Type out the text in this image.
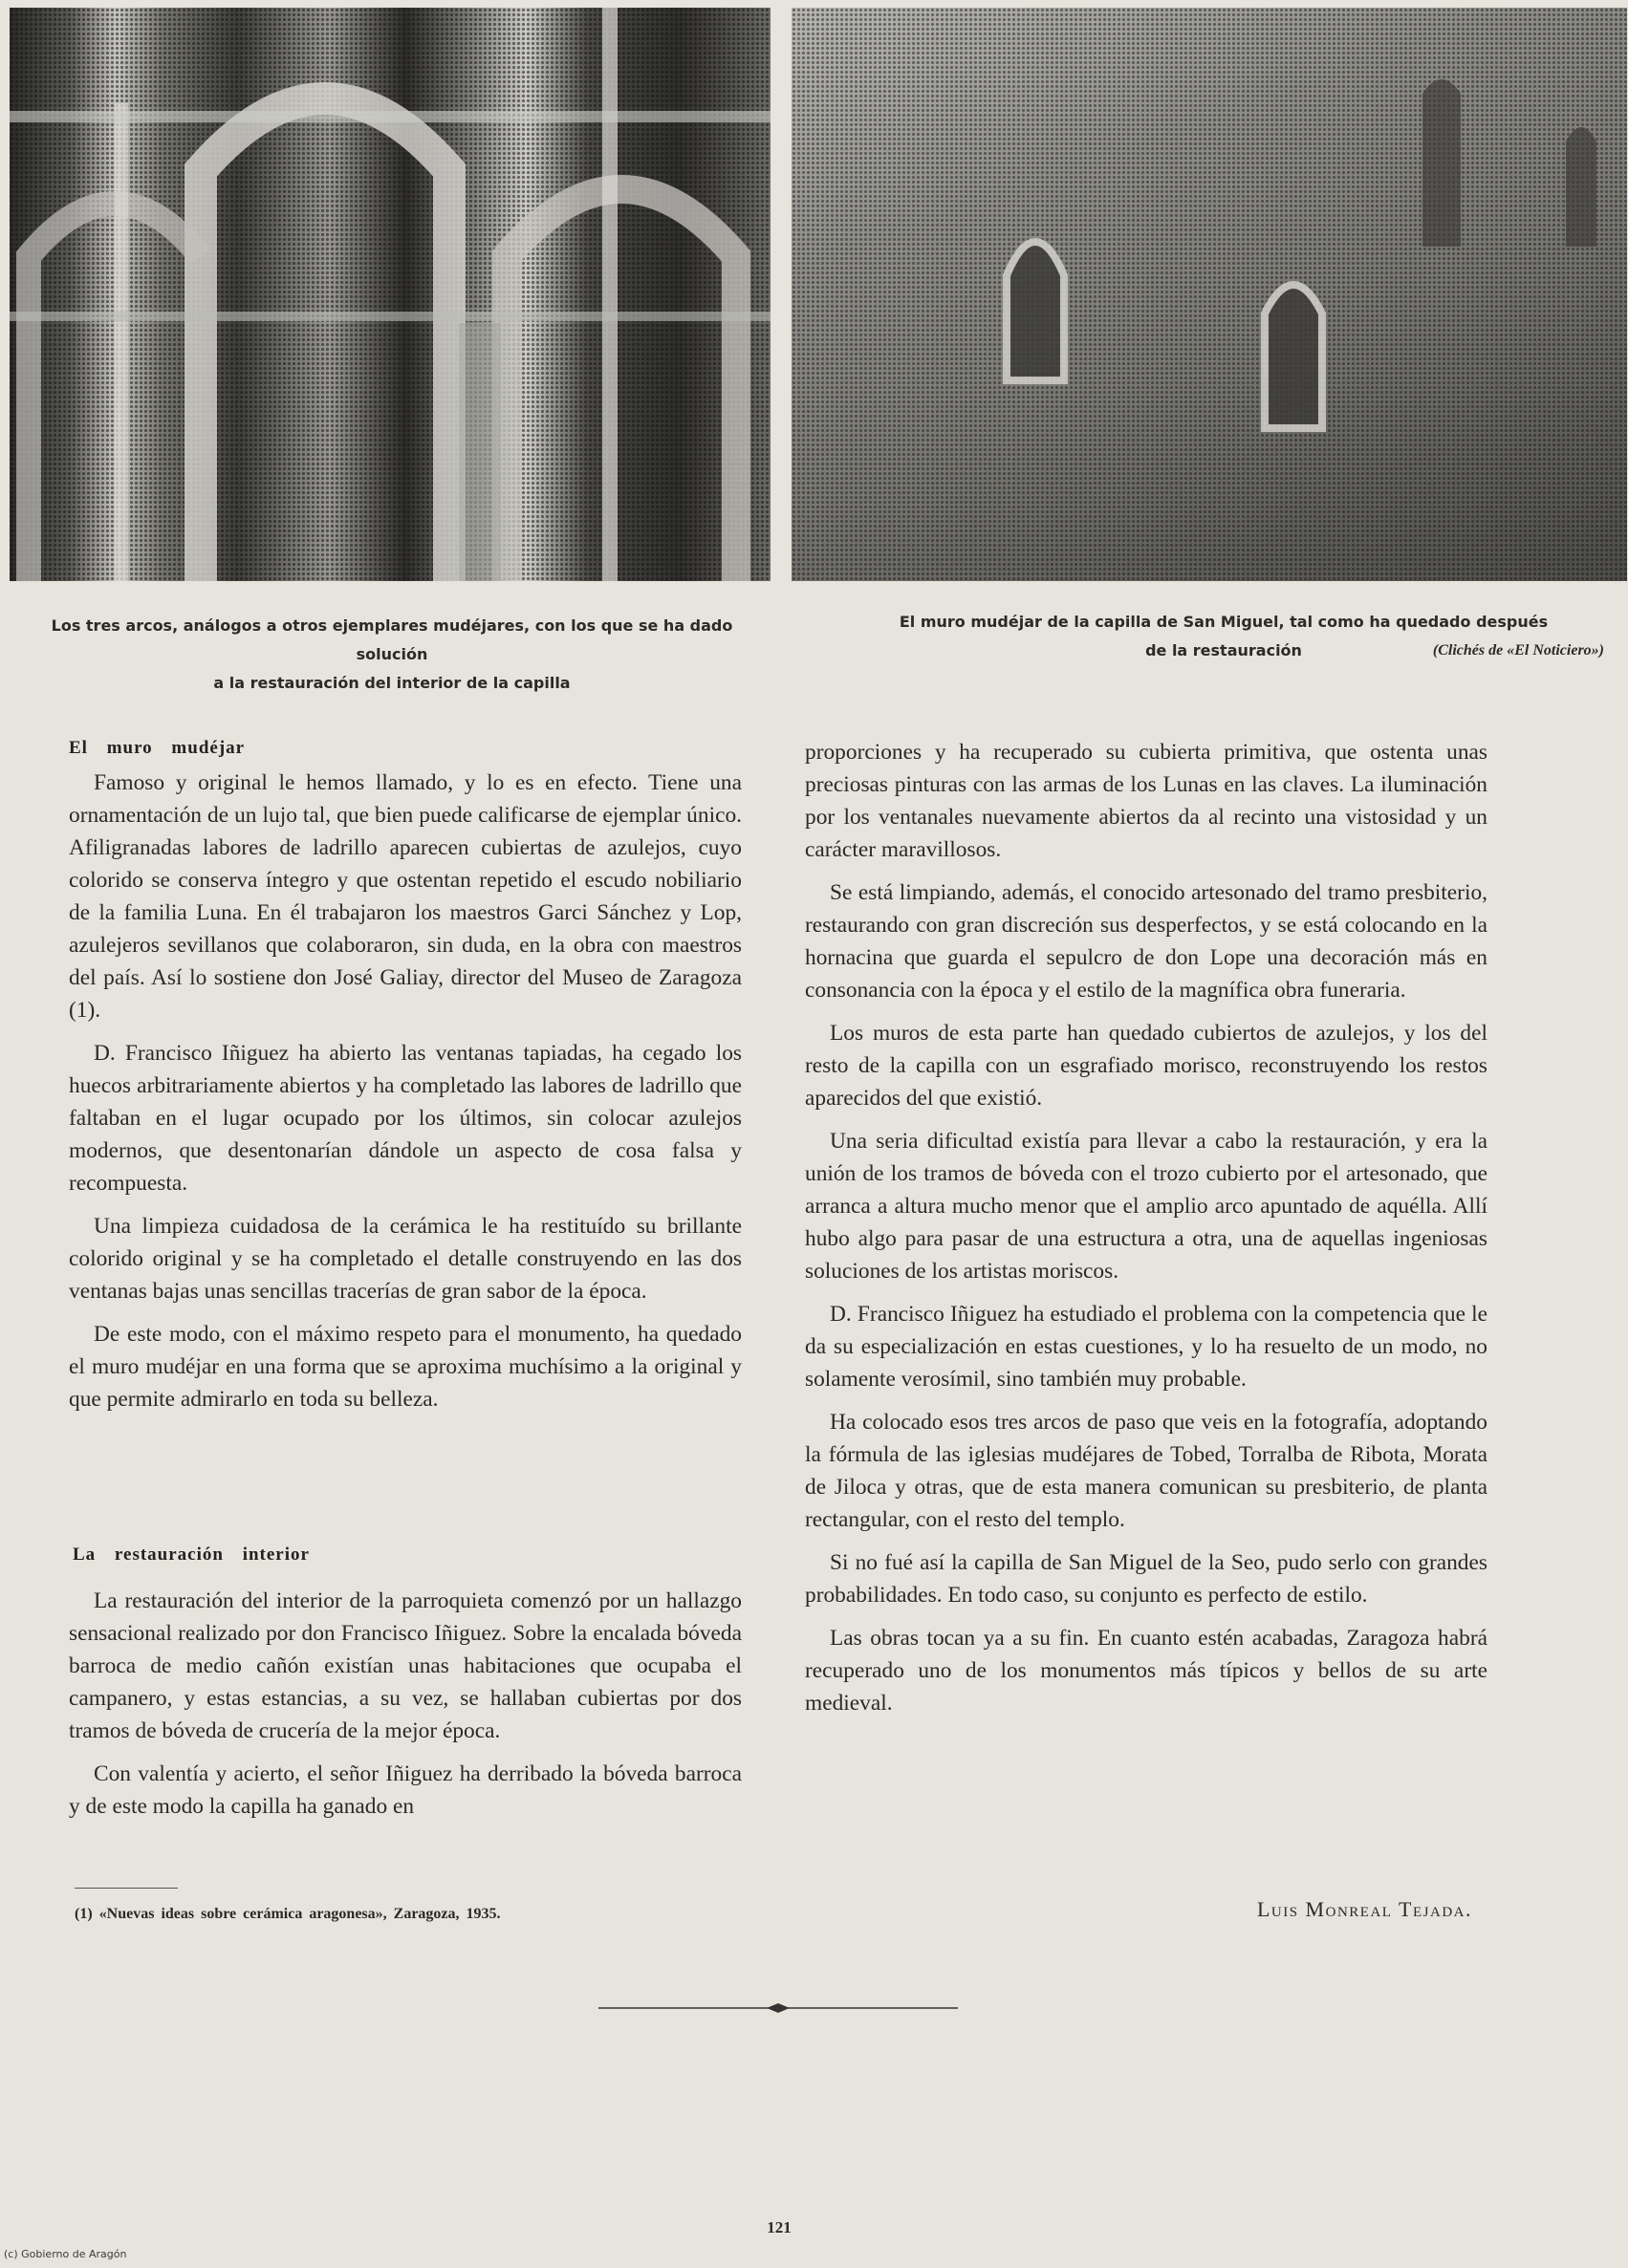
Los tres arcos, análogos a otros ejemplares mudéjares, con los que se ha dado solución
a la restauración del interior de la capilla
El muro mudéjar de la capilla de San Miguel, tal como ha quedado después
de la restauración	(Clichés de «El Noticiero»)
El muro mudéjar

Famoso y original le hemos llamado, y lo es en efecto. Tiene una ornamentación de un lujo tal, que bien puede calificarse de ejemplar único. Afiligranadas labores de ladrillo aparecen cubiertas de azulejos, cuyo colorido se conserva íntegro y que ostentan repetido el escudo nobiliario de la familia Luna. En él trabajaron los maestros Garci Sánchez y Lop, azulejeros sevillanos que colaboraron, sin duda, en la obra con maestros del país. Así lo sostiene don José Galiay, director del Museo de Zaragoza (1).

D. Francisco Iñiguez ha abierto las ventanas tapiadas, ha cegado los huecos arbitrariamente abiertos y ha completado las labores de ladrillo que faltaban en el lugar ocupado por los últimos, sin colocar azulejos modernos, que desentonarían dándole un aspecto de cosa falsa y recompuesta.

Una limpieza cuidadosa de la cerámica le ha restituído su brillante colorido original y se ha completado el detalle construyendo en las dos ventanas bajas unas sencillas tracerías de gran sabor de la época.

De este modo, con el máximo respeto para el monumento, ha quedado el muro mudéjar en una forma que se aproxima muchísimo a la original y que permite admirarlo en toda su belleza.

La restauración interior

La restauración del interior de la parroquieta comenzó por un hallazgo sensacional realizado por don Francisco Iñiguez. Sobre la encalada bóveda barroca de medio cañón existían unas habitaciones que ocupaba el campanero, y estas estancias, a su vez, se hallaban cubiertas por dos tramos de bóveda de crucería de la mejor época.

Con valentía y acierto, el señor Iñiguez ha derribado la bóveda barroca y de este modo la capilla ha ganado en

proporciones y ha recuperado su cubierta primitiva, que ostenta unas preciosas pinturas con las armas de los Lunas en las claves. La iluminación por los ventanales nuevamente abiertos da al recinto una vistosidad y un carácter maravillosos.

Se está limpiando, además, el conocido artesonado del tramo presbiterio, restaurando con gran discreción sus desperfectos, y se está colocando en la hornacina que guarda el sepulcro de don Lope una decoración más en consonancia con la época y el estilo de la magnífica obra funeraria.

Los muros de esta parte han quedado cubiertos de azulejos, y los del resto de la capilla con un esgrafiado morisco, reconstruyendo los restos aparecidos del que existió.

Una seria dificultad existía para llevar a cabo la restauración, y era la unión de los tramos de bóveda con el trozo cubierto por el artesonado, que arranca a altura mucho menor que el amplio arco apuntado de aquélla. Allí hubo algo para pasar de una estructura a otra, una de aquellas ingeniosas soluciones de los artistas moriscos.

D. Francisco Iñiguez ha estudiado el problema con la competencia que le da su especialización en estas cuestiones, y lo ha resuelto de un modo, no solamente verosímil, sino también muy probable.

Ha colocado esos tres arcos de paso que veis en la fotografía, adoptando la fórmula de las iglesias mudéjares de Tobed, Torralba de Ribota, Morata de Jiloca y otras, que de esta manera comunican su presbiterio, de planta rectangular, con el resto del templo.

Si no fué así la capilla de San Miguel de la Seo, pudo serlo con grandes probabilidades. En todo caso, su conjunto es perfecto de estilo.

Las obras tocan ya a su fin. En cuanto estén acabadas, Zaragoza habrá recuperado uno de los monumentos más típicos y bellos de su arte medieval.

(1) «Nuevas ideas sobre cerámica aragonesa», Zaragoza, 1935.	Luis Monreal Tejada.
121
(c) Gobierno de Aragón
